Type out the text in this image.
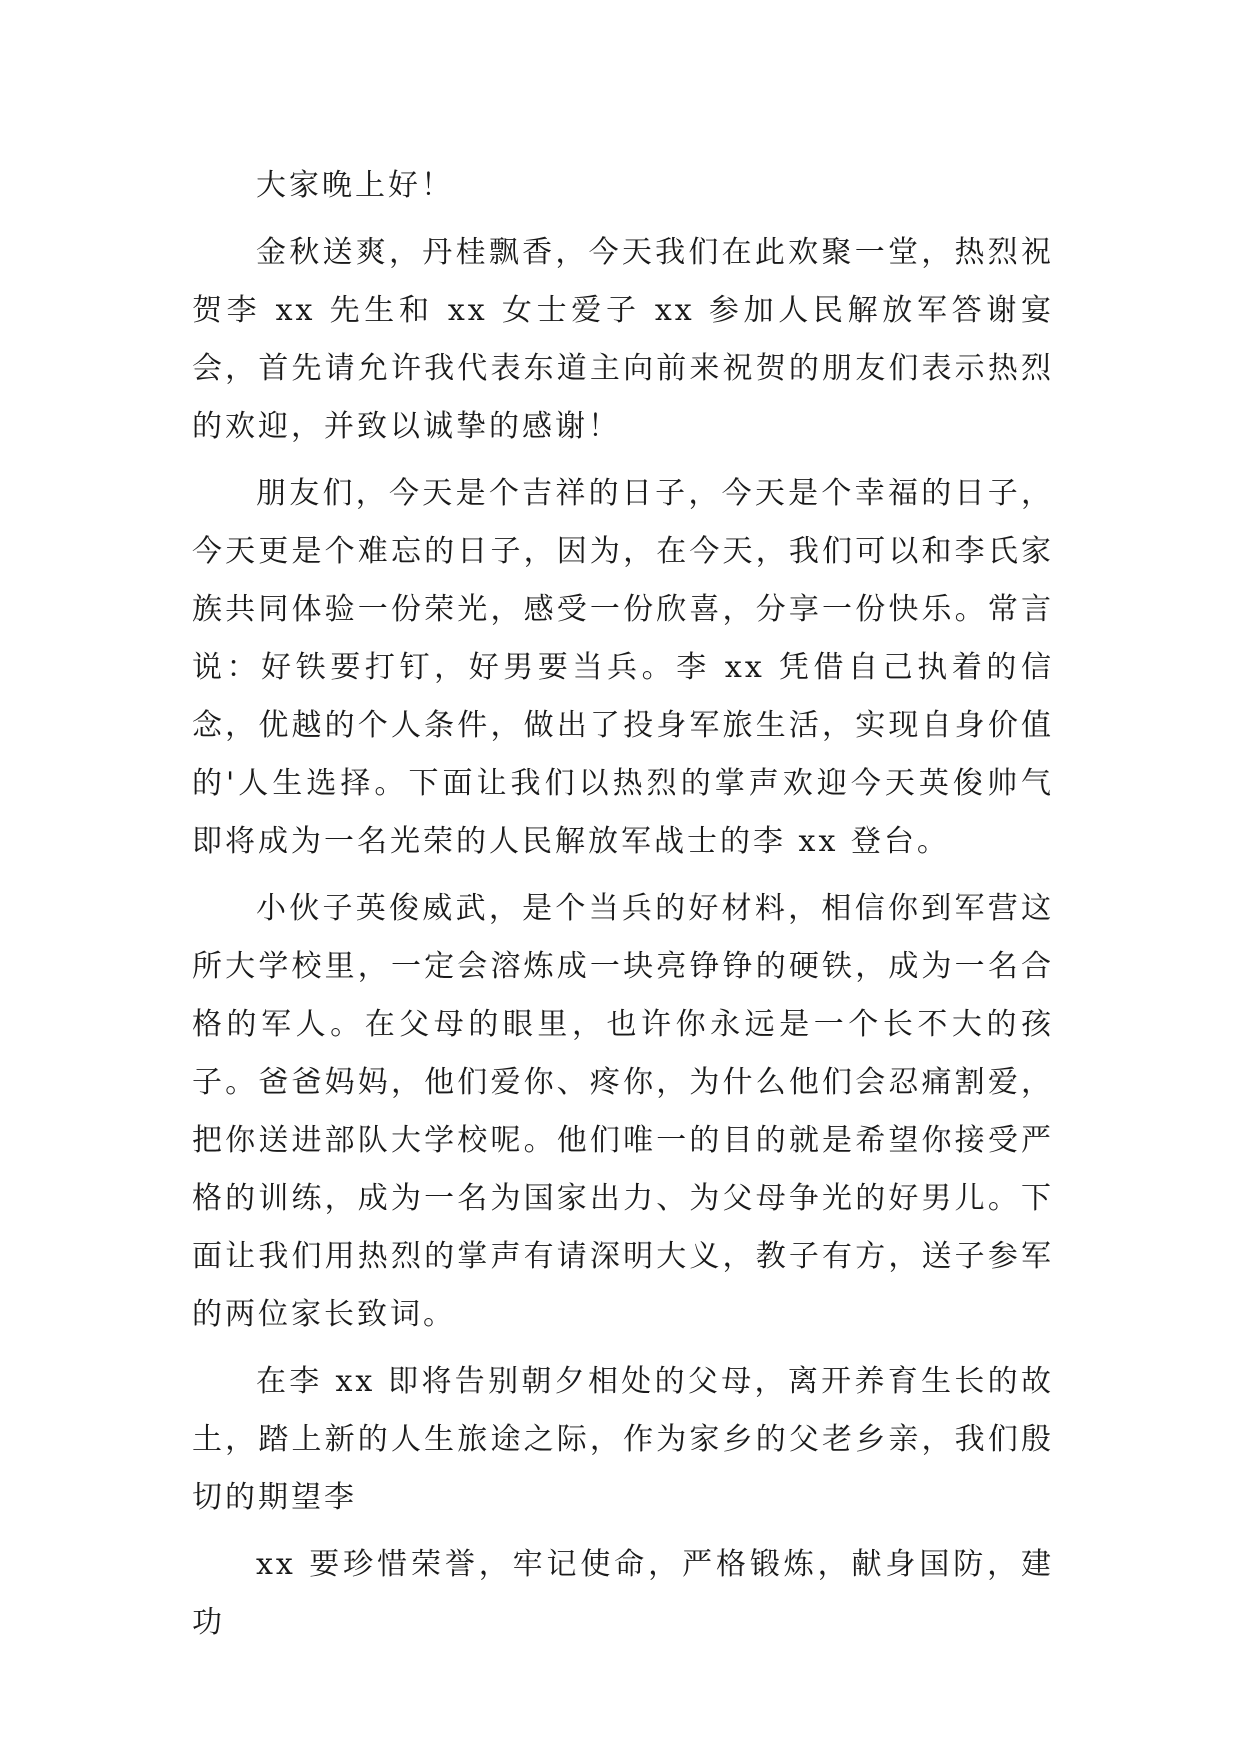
大家晚上好！

金秋送爽，丹桂飘香，今天我们在此欢聚一堂，热烈祝贺李 xx 先生和 xx 女士爱子 xx 参加人民解放军答谢宴会，首先请允许我代表东道主向前来祝贺的朋友们表示热烈的欢迎，并致以诚挚的感谢！

朋友们，今天是个吉祥的日子，今天是个幸福的日子，今天更是个难忘的日子，因为，在今天，我们可以和李氏家族共同体验一份荣光，感受一份欣喜，分享一份快乐。常言说：好铁要打钉，好男要当兵。李 xx 凭借自己执着的信念，优越的个人条件，做出了投身军旅生活，实现自身价值的'人生选择。下面让我们以热烈的掌声欢迎今天英俊帅气即将成为一名光荣的人民解放军战士的李 xx 登台。

小伙子英俊威武，是个当兵的好材料，相信你到军营这所大学校里，一定会溶炼成一块亮铮铮的硬铁，成为一名合格的军人。在父母的眼里，也许你永远是一个长不大的孩子。爸爸妈妈，他们爱你、疼你，为什么他们会忍痛割爱，把你送进部队大学校呢。他们唯一的目的就是希望你接受严格的训练，成为一名为国家出力、为父母争光的好男儿。下面让我们用热烈的掌声有请深明大义，教子有方，送子参军的两位家长致词。

在李 xx 即将告别朝夕相处的父母，离开养育生长的故土，踏上新的人生旅途之际，作为家乡的父老乡亲，我们殷切的期望李

xx 要珍惜荣誉，牢记使命，严格锻炼，献身国防，建功
